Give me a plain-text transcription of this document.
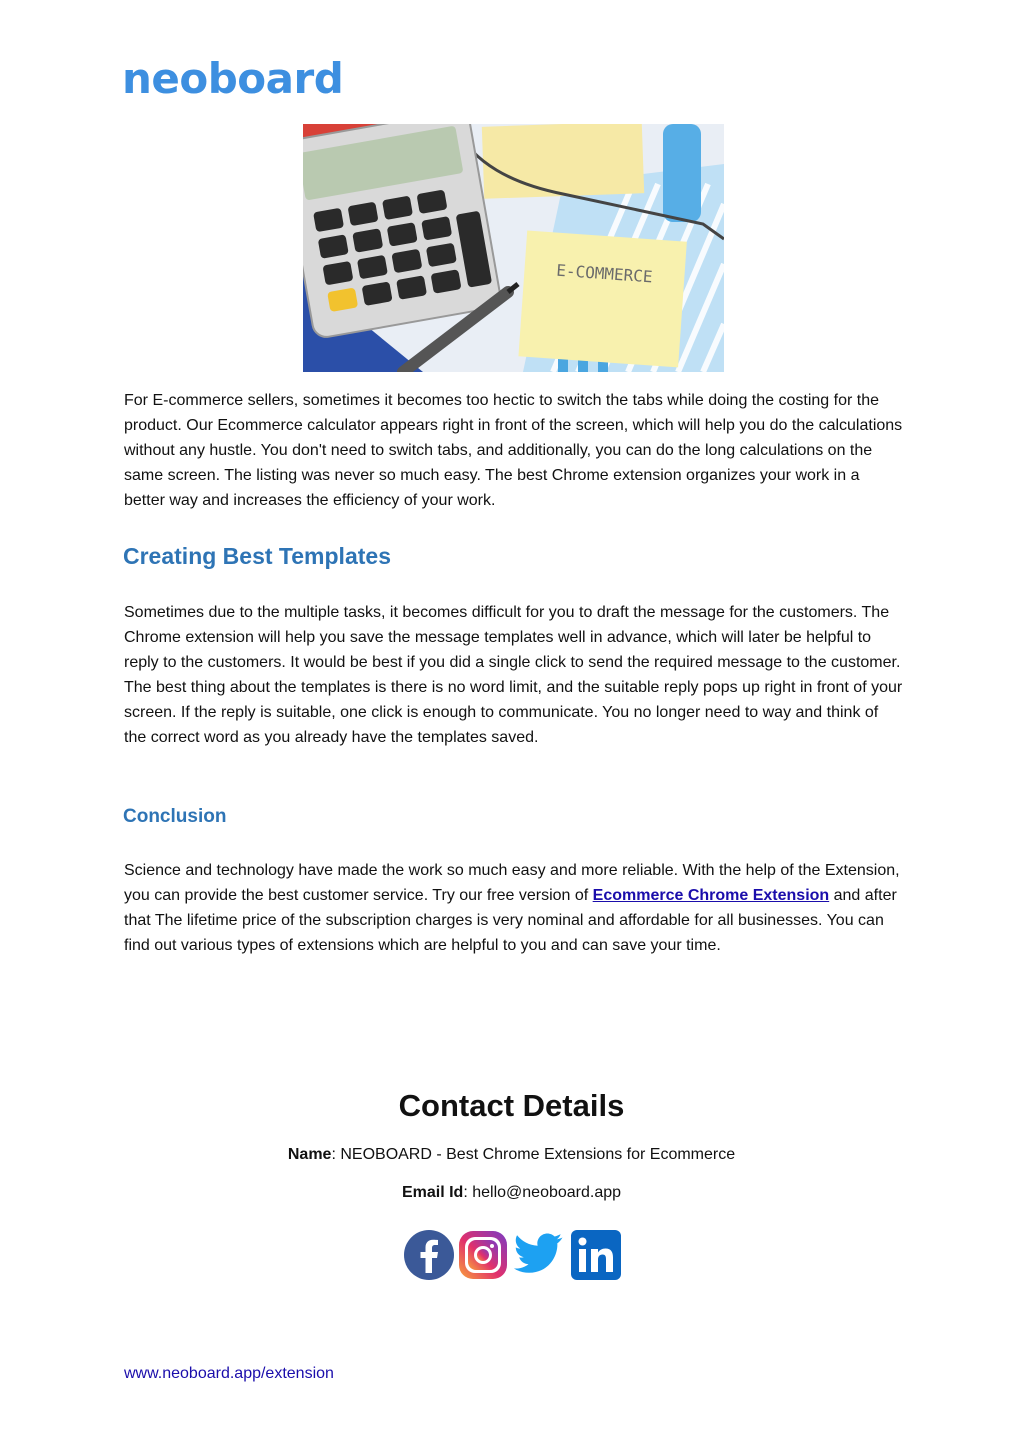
neoboard
E-COMMERCE

For E-commerce sellers, sometimes it becomes too hectic to switch the tabs while doing the costing for the product. Our Ecommerce calculator appears right in front of the screen, which will help you do the calculations without any hustle. You don't need to switch tabs, and additionally, you can do the long calculations on the same screen. The listing was never so much easy. The best Chrome extension organizes your work in a better way and increases the efficiency of your work.

Creating Best Templates

Sometimes due to the multiple tasks, it becomes difficult for you to draft the message for the customers. The Chrome extension will help you save the message templates well in advance, which will later be helpful to reply to the customers. It would be best if you did a single click to send the required message to the customer. The best thing about the templates is there is no word limit, and the suitable reply pops up right in front of your screen. If the reply is suitable, one click is enough to communicate. You no longer need to way and think of the correct word as you already have the templates saved.

Conclusion

Science and technology have made the work so much easy and more reliable. With the help of the Extension, you can provide the best customer service. Try our free version of Ecommerce Chrome Extension and after that The lifetime price of the subscription charges is very nominal and affordable for all businesses. You can find out various types of extensions which are helpful to you and can save your time.

Contact Details
Name: NEOBOARD - Best Chrome Extensions for Ecommerce
Email Id: hello@neoboard.app
www.neoboard.app/extension
